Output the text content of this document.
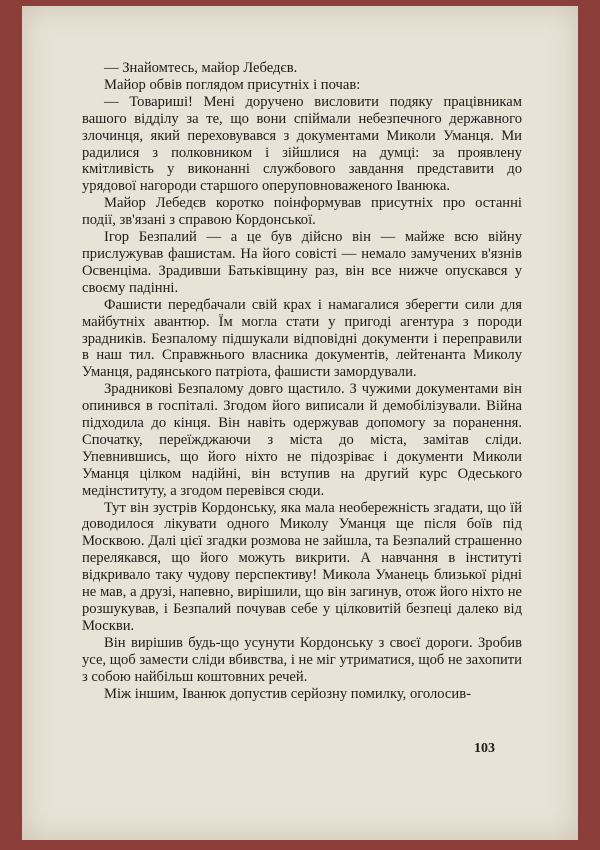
— Знайомтесь, майор Лебедєв.

Майор обвів поглядом присутніх і почав:

— Товариші! Мені доручено висловити подяку працівникам вашого відділу за те, що вони спіймали небезпечного державного злочинця, який переховувався з документами Миколи Уманця. Ми радилися з полковником і зійшлися на думці: за проявлену кмітливість у виконанні службового завдання представити до урядової нагороди старшого оперуповноваженого Іванюка.

Майор Лебедєв коротко поінформував присутніх про останні події, зв'язані з справою Кордонської.

Ігор Безпалий — а це був дійсно він — майже всю війну прислужував фашистам. На його совісті — немало замучених в'язнів Освенціма. Зрадивши Батьківщину раз, він все нижче опускався у своєму падінні.

Фашисти передбачали свій крах і намагалися зберегти сили для майбутніх авантюр. Їм могла стати у пригоді агентура з породи зрадників. Безпалому підшукали відповідні документи і переправили в наш тил. Справжнього власника документів, лейтенанта Миколу Уманця, радянського патріота, фашисти замордували.

Зрадникові Безпалому довго щастило. З чужими документами він опинився в госпіталі. Згодом його виписали й демобілізували. Війна підходила до кінця. Він навіть одержував допомогу за поранення. Спочатку, переїжджаючи з міста до міста, замітав сліди. Упевнившись, що його ніхто не підозріває і документи Миколи Уманця цілком надійні, він вступив на другий курс Одеського медінституту, а згодом перевівся сюди.

Тут він зустрів Кордонську, яка мала необережність згадати, що їй доводилося лікувати одного Миколу Уманця ще після боїв під Москвою. Далі цієї згадки розмова не зайшла, та Безпалий страшенно перелякався, що його можуть викрити. А навчання в інституті відкривало таку чудову перспективу! Микола Уманець близької рідні не мав, а друзі, напевно, вирішили, що він загинув, отож його ніхто не розшукував, і Безпалий почував себе у цілковитій безпеці далеко від Москви.

Він вирішив будь-що усунути Кордонську з своєї дороги. Зробив усе, щоб замести сліди вбивства, і не міг утриматися, щоб не захопити з собою найбільш коштовних речей.

Між іншим, Іванюк допустив серйозну помилку, оголосив-

103
